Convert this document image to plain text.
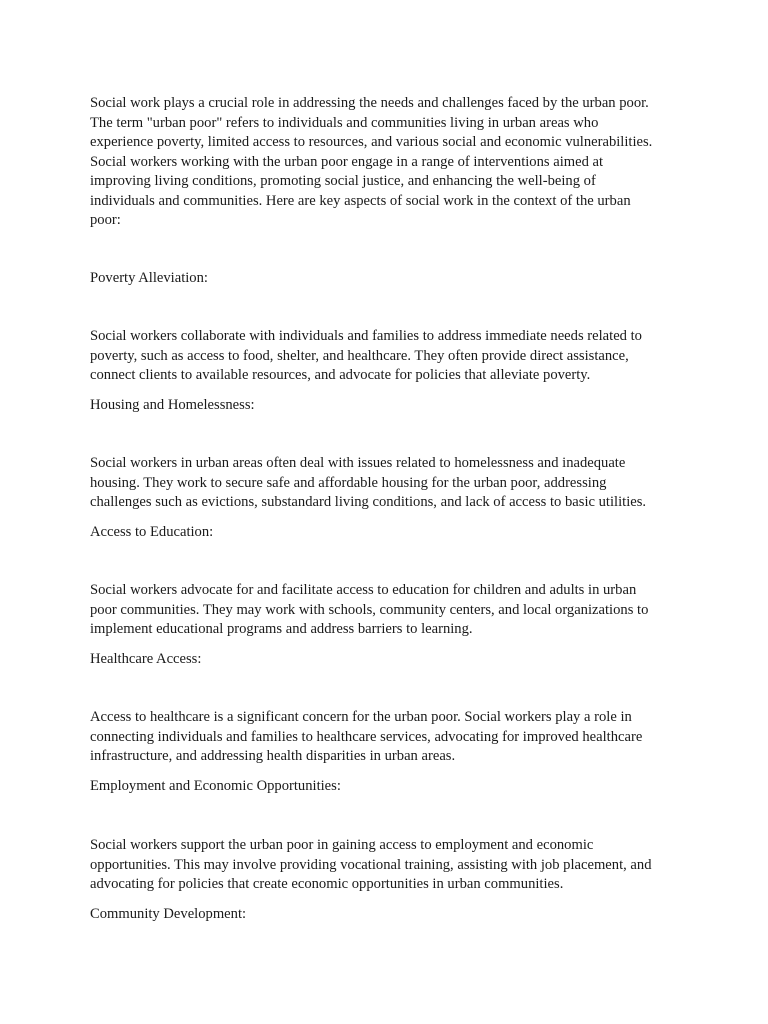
Social work plays a crucial role in addressing the needs and challenges faced by the urban poor.
The term "urban poor" refers to individuals and communities living in urban areas who
experience poverty, limited access to resources, and various social and economic vulnerabilities.
Social workers working with the urban poor engage in a range of interventions aimed at
improving living conditions, promoting social justice, and enhancing the well-being of
individuals and communities. Here are key aspects of social work in the context of the urban
poor:
Poverty Alleviation:
Social workers collaborate with individuals and families to address immediate needs related to
poverty, such as access to food, shelter, and healthcare. They often provide direct assistance,
connect clients to available resources, and advocate for policies that alleviate poverty.
Housing and Homelessness:
Social workers in urban areas often deal with issues related to homelessness and inadequate
housing. They work to secure safe and affordable housing for the urban poor, addressing
challenges such as evictions, substandard living conditions, and lack of access to basic utilities.
Access to Education:
Social workers advocate for and facilitate access to education for children and adults in urban
poor communities. They may work with schools, community centers, and local organizations to
implement educational programs and address barriers to learning.
Healthcare Access:
Access to healthcare is a significant concern for the urban poor. Social workers play a role in
connecting individuals and families to healthcare services, advocating for improved healthcare
infrastructure, and addressing health disparities in urban areas.
Employment and Economic Opportunities:
Social workers support the urban poor in gaining access to employment and economic
opportunities. This may involve providing vocational training, assisting with job placement, and
advocating for policies that create economic opportunities in urban communities.
Community Development:
